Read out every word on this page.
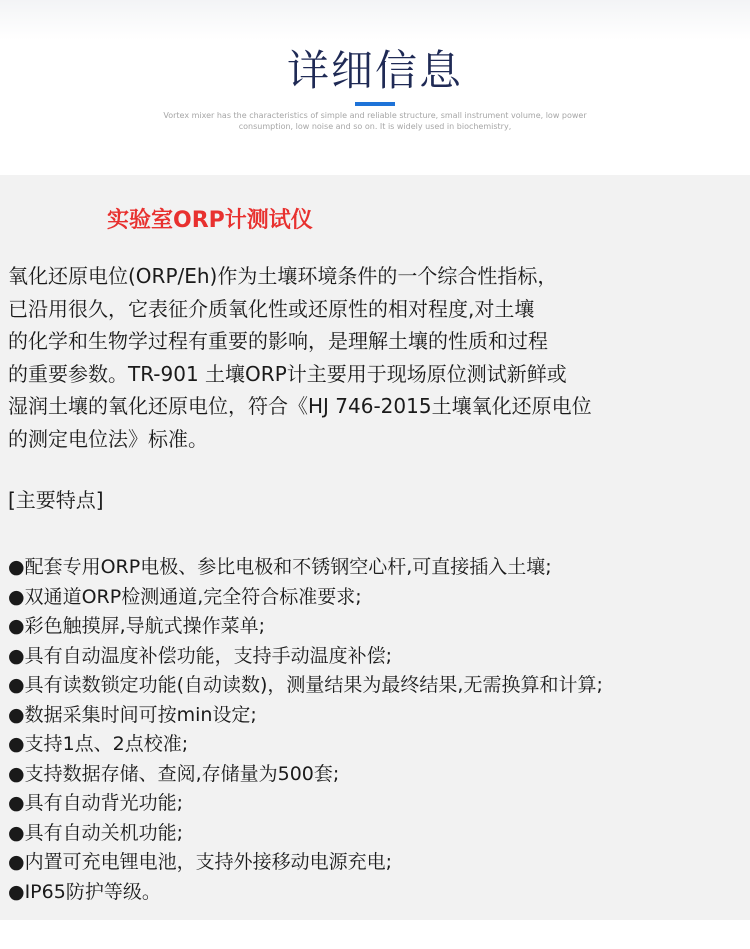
详细信息
Vortex mixer has the characteristics of simple and reliable structure, small instrument volume, low power consumption, low noise and so on. It is widely used in biochemistry,
实验室ORP计测试仪
氧化还原电位(ORP/Eh)作为土壤环境条件的一个综合性指标，
已沿用很久，它表征介质氧化性或还原性的相对程度,对土壤
的化学和生物学过程有重要的影响，是理解土壤的性质和过程
的重要参数。TR-901 土壤ORP计主要用于现场原位测试新鲜或
湿润土壤的氧化还原电位，符合《HJ 746-2015土壤氧化还原电位
的测定电位法》标准。
[主要特点]
●配套专用ORP电极、参比电极和不锈钢空心杆,可直接插入土壤;
●双通道ORP检测通道,完全符合标准要求;
●彩色触摸屏,导航式操作菜单;
●具有自动温度补偿功能，支持手动温度补偿;
●具有读数锁定功能(自动读数)，测量结果为最终结果,无需换算和计算;
●数据采集时间可按min设定;
●支持1点、2点校准;
●支持数据存储、查阅,存储量为500套;
●具有自动背光功能;
●具有自动关机功能;
●内置可充电锂电池，支持外接移动电源充电;
●IP65防护等级。
